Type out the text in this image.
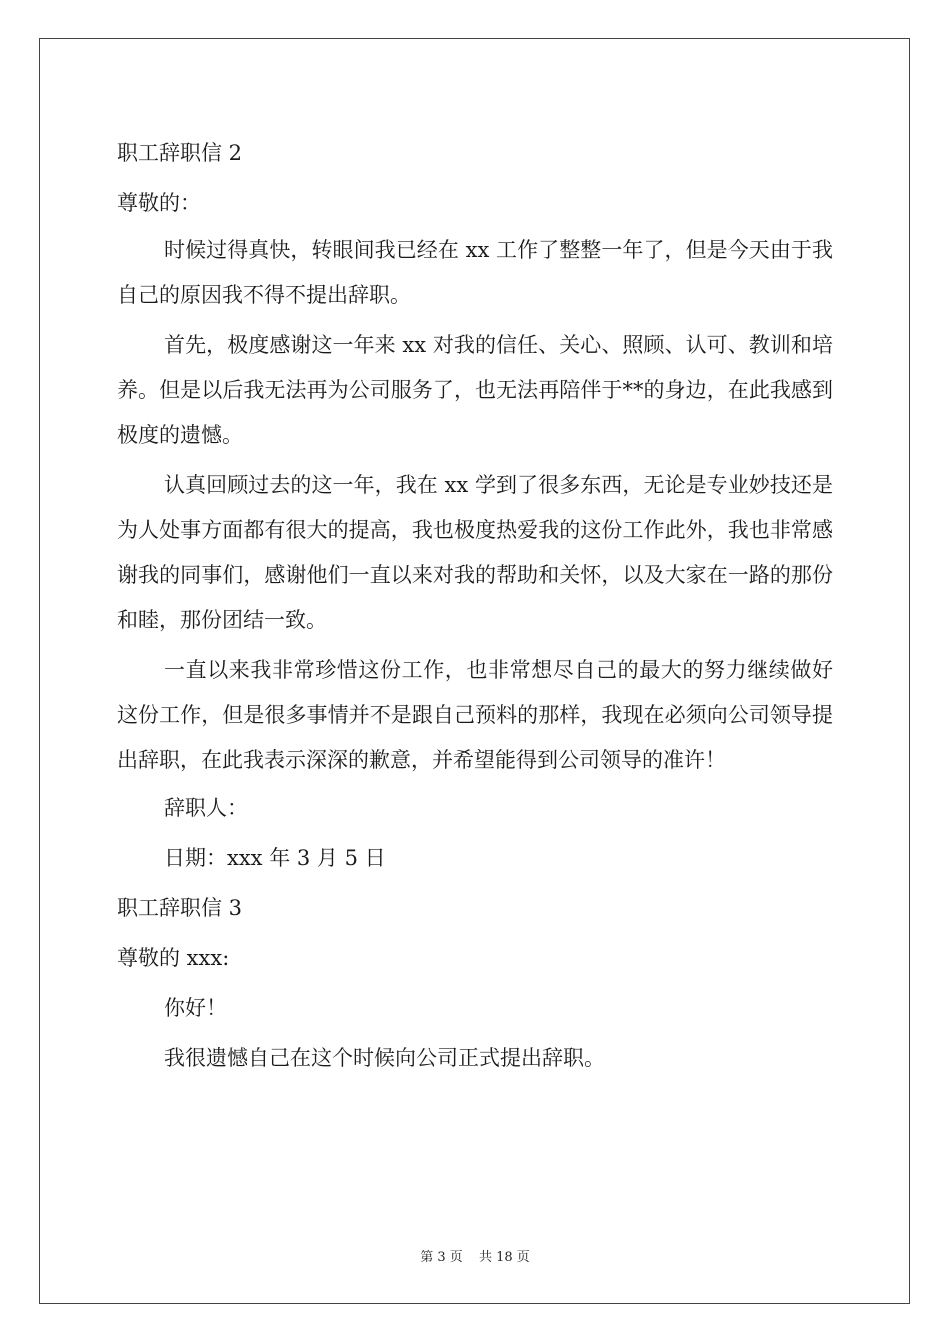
职工辞职信 2

尊敬的：

时候过得真快，转眼间我已经在 xx 工作了整整一年了，但是今天由于我自己的原因我不得不提出辞职。

首先，极度感谢这一年来 xx 对我的信任、关心、照顾、认可、教训和培养。但是以后我无法再为公司服务了，也无法再陪伴于**的身边，在此我感到极度的遗憾。

认真回顾过去的这一年，我在 xx 学到了很多东西，无论是专业妙技还是为人处事方面都有很大的提高，我也极度热爱我的这份工作此外，我也非常感谢我的同事们，感谢他们一直以来对我的帮助和关怀，以及大家在一路的那份和睦，那份团结一致。

一直以来我非常珍惜这份工作，也非常想尽自己的最大的努力继续做好这份工作，但是很多事情并不是跟自己预料的那样，我现在必须向公司领导提出辞职，在此我表示深深的歉意，并希望能得到公司领导的准许！

辞职人：

日期：xxx 年 3 月 5 日

职工辞职信 3

尊敬的 xxx:

你好！

我很遗憾自己在这个时候向公司正式提出辞职。

第 3 页 共 18 页
